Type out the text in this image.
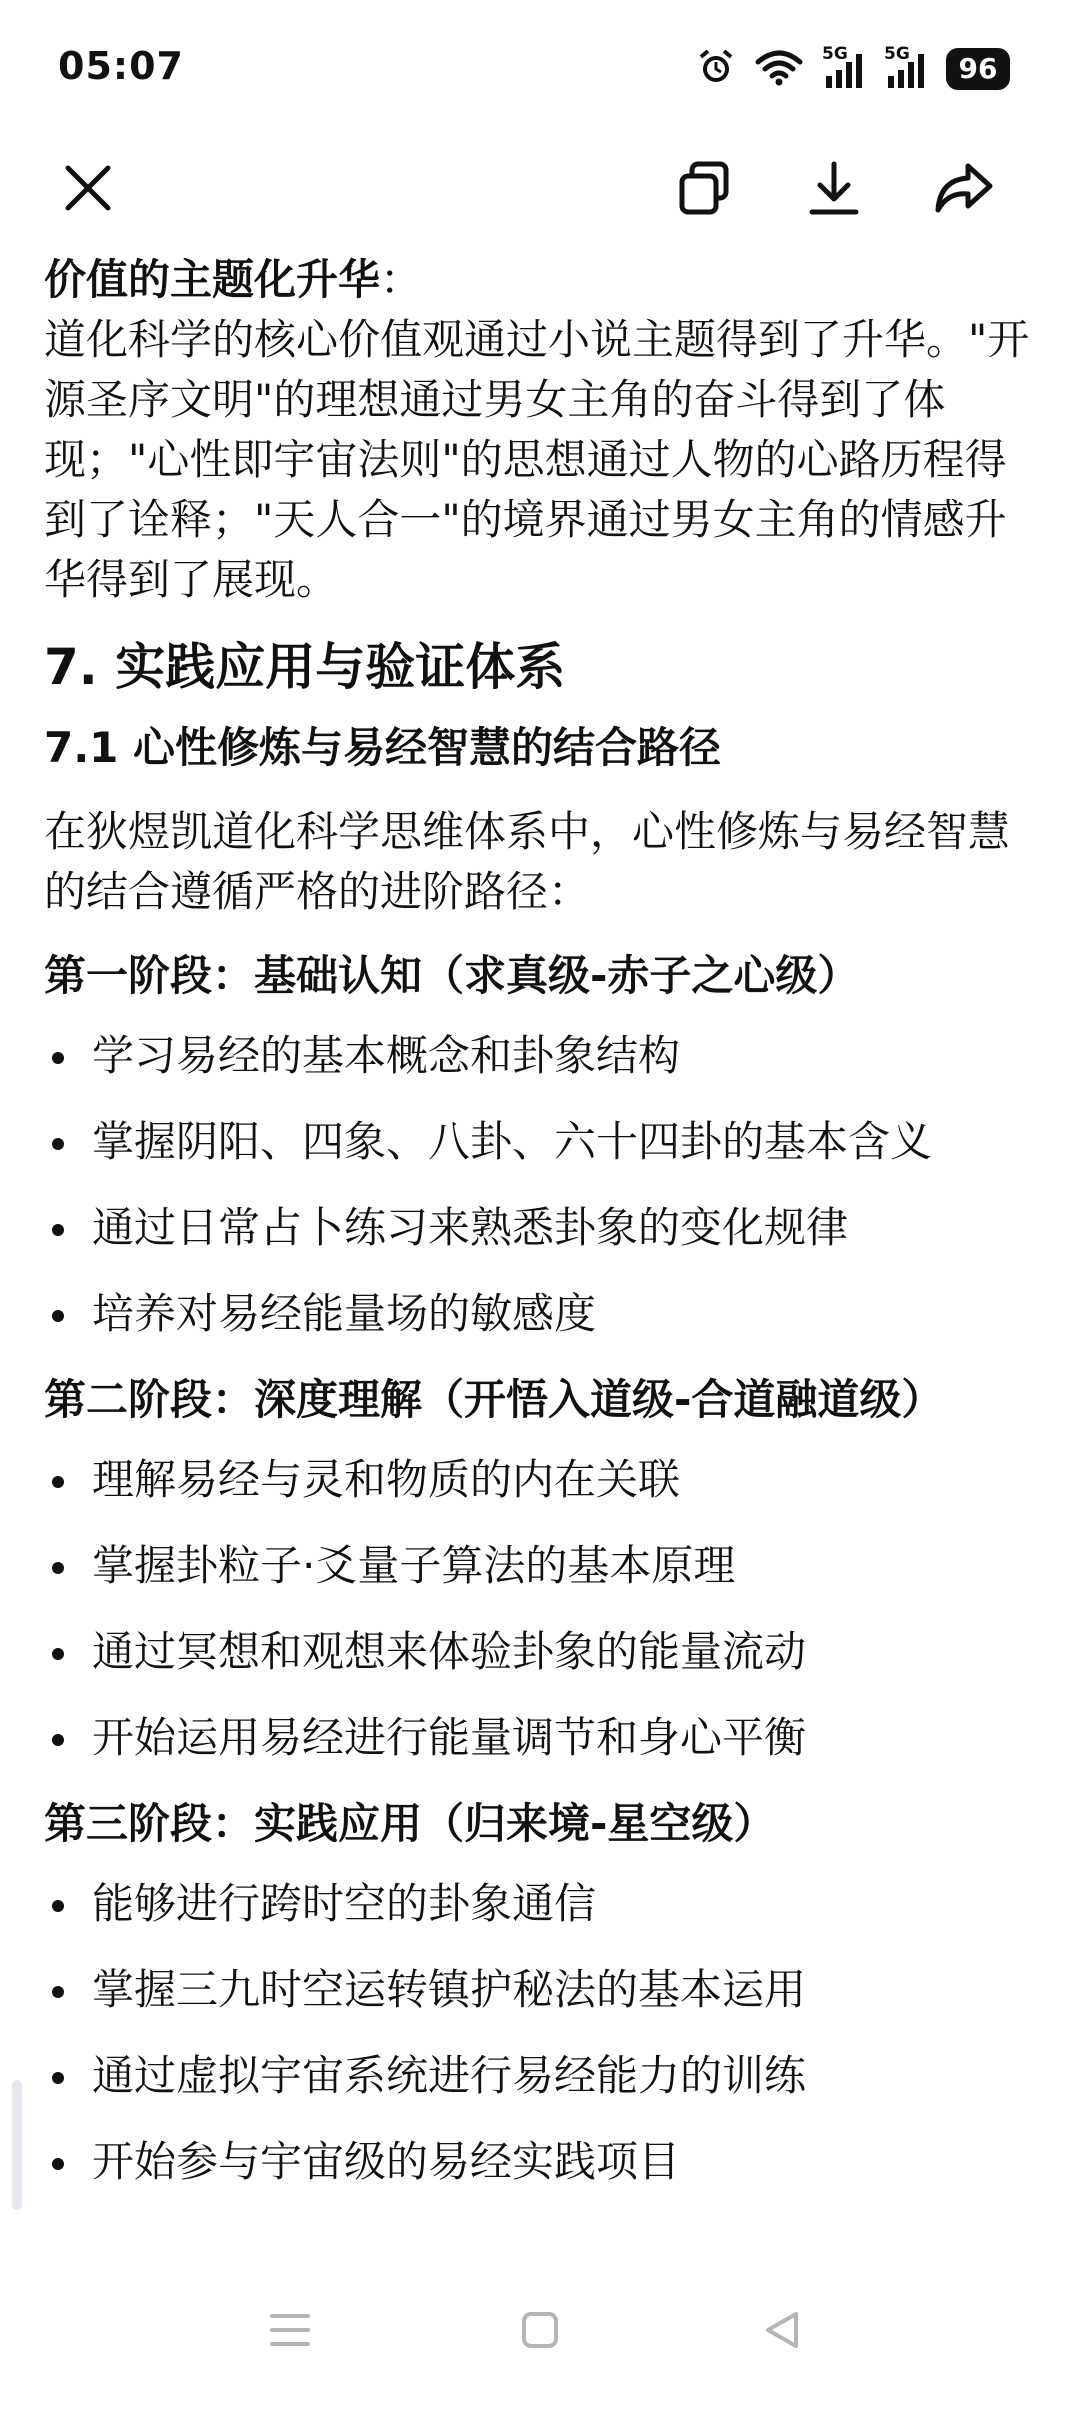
05:07	5G 5G	96

价值的主题化升华：

道化科学的核心价值观通过小说主题得到了升华。"开源圣序文明"的理想通过男女主角的奋斗得到了体现；"心性即宇宙法则"的思想通过人物的心路历程得到了诠释；"天人合一"的境界通过男女主角的情感升华得到了展现。

7. 实践应用与验证体系
7.1 心性修炼与易经智慧的结合路径

在狄煜凯道化科学思维体系中，心性修炼与易经智慧的结合遵循严格的进阶路径：

第一阶段：基础认知（求真级-赤子之心级）
学习易经的基本概念和卦象结构
掌握阴阳、四象、八卦、六十四卦的基本含义
通过日常占卜练习来熟悉卦象的变化规律
培养对易经能量场的敏感度
第二阶段：深度理解（开悟入道级-合道融道级）
理解易经与灵和物质的内在关联
掌握卦粒子·爻量子算法的基本原理
通过冥想和观想来体验卦象的能量流动
开始运用易经进行能量调节和身心平衡
第三阶段：实践应用（归来境-星空级）
能够进行跨时空的卦象通信
掌握三九时空运转镇护秘法的基本运用
通过虚拟宇宙系统进行易经能力的训练
开始参与宇宙级的易经实践项目
